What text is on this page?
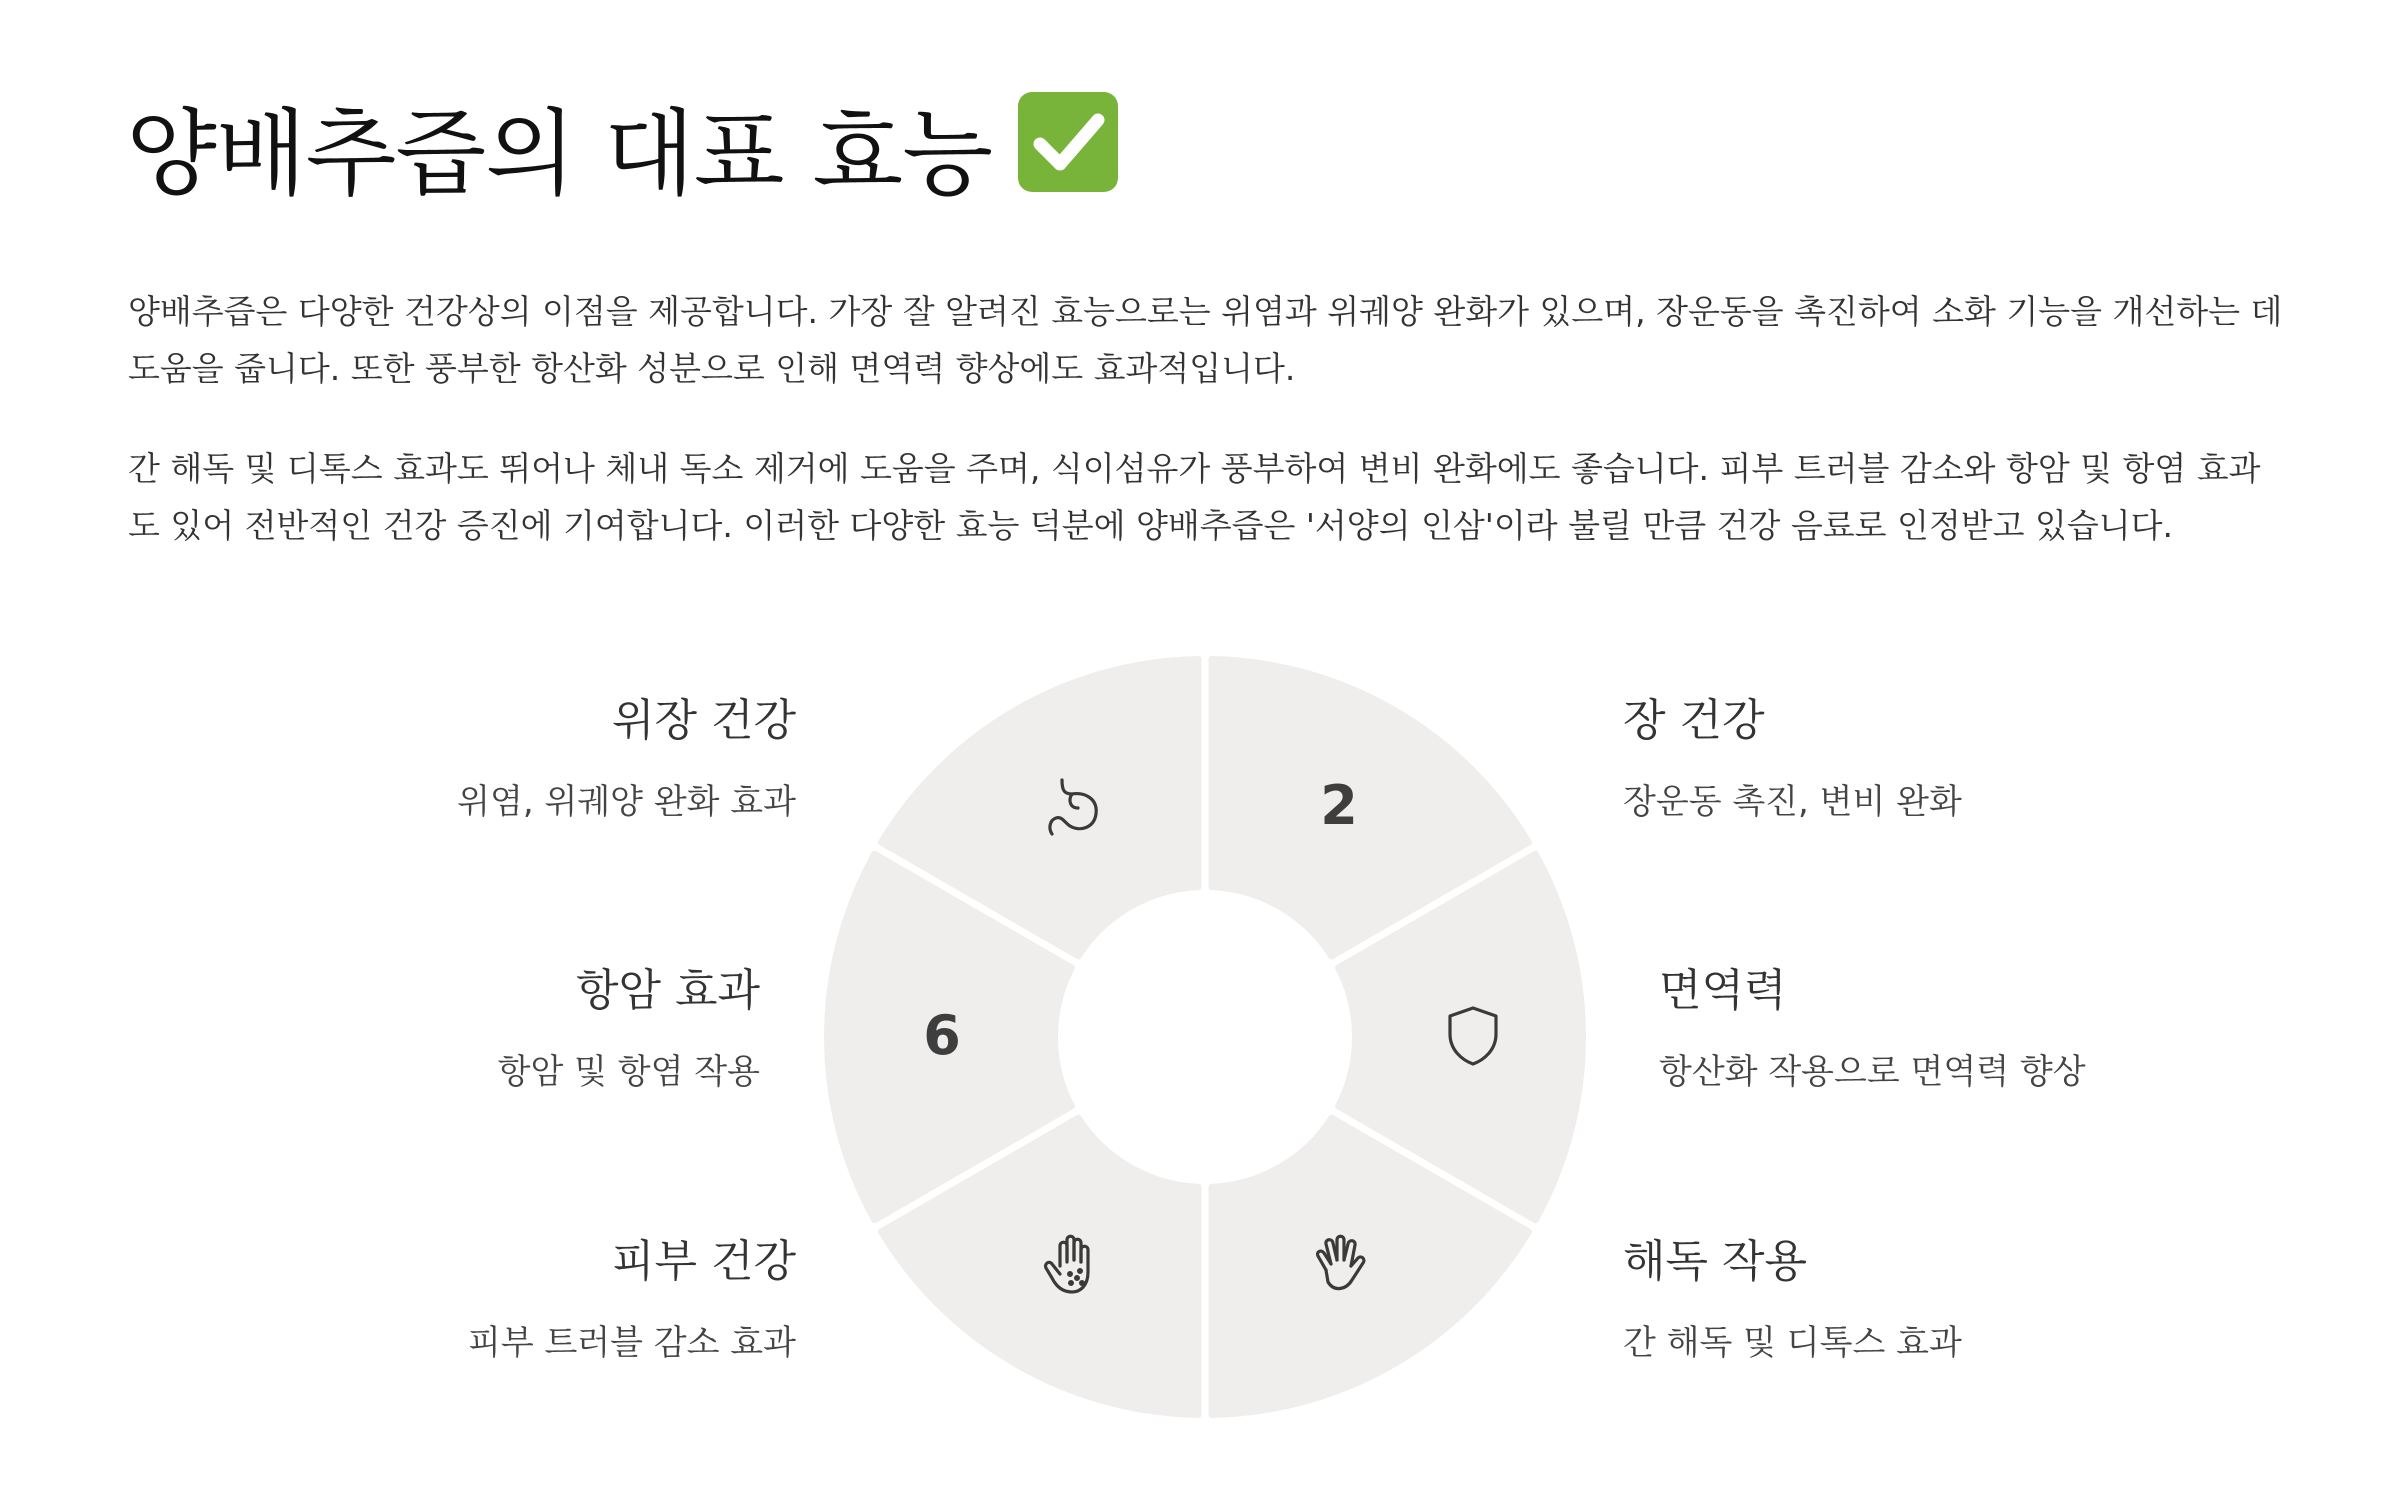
양배추즙의 대표 효능

양배추즙은 다양한 건강상의 이점을 제공합니다. 가장 잘 알려진 효능으로는 위염과 위궤양 완화가 있으며, 장운동을 촉진하여 소화 기능을 개선하는 데 도움을 줍니다. 또한 풍부한 항산화 성분으로 인해 면역력 향상에도 효과적입니다.

간 해독 및 디톡스 효과도 뛰어나 체내 독소 제거에 도움을 주며, 식이섬유가 풍부하여 변비 완화에도 좋습니다. 피부 트러블 감소와 항암 및 항염 효과도 있어 전반적인 건강 증진에 기여합니다. 이러한 다양한 효능 덕분에 양배추즙은 '서양의 인삼'이라 불릴 만큼 건강 음료로 인정받고 있습니다.

2
6
위장 건강

위염, 위궤양 완화 효과

장 건강

장운동 촉진, 변비 완화

면역력

항산화 작용으로 면역력 향상

해독 작용

간 해독 및 디톡스 효과

피부 건강

피부 트러블 감소 효과

항암 효과

항암 및 항염 작용
